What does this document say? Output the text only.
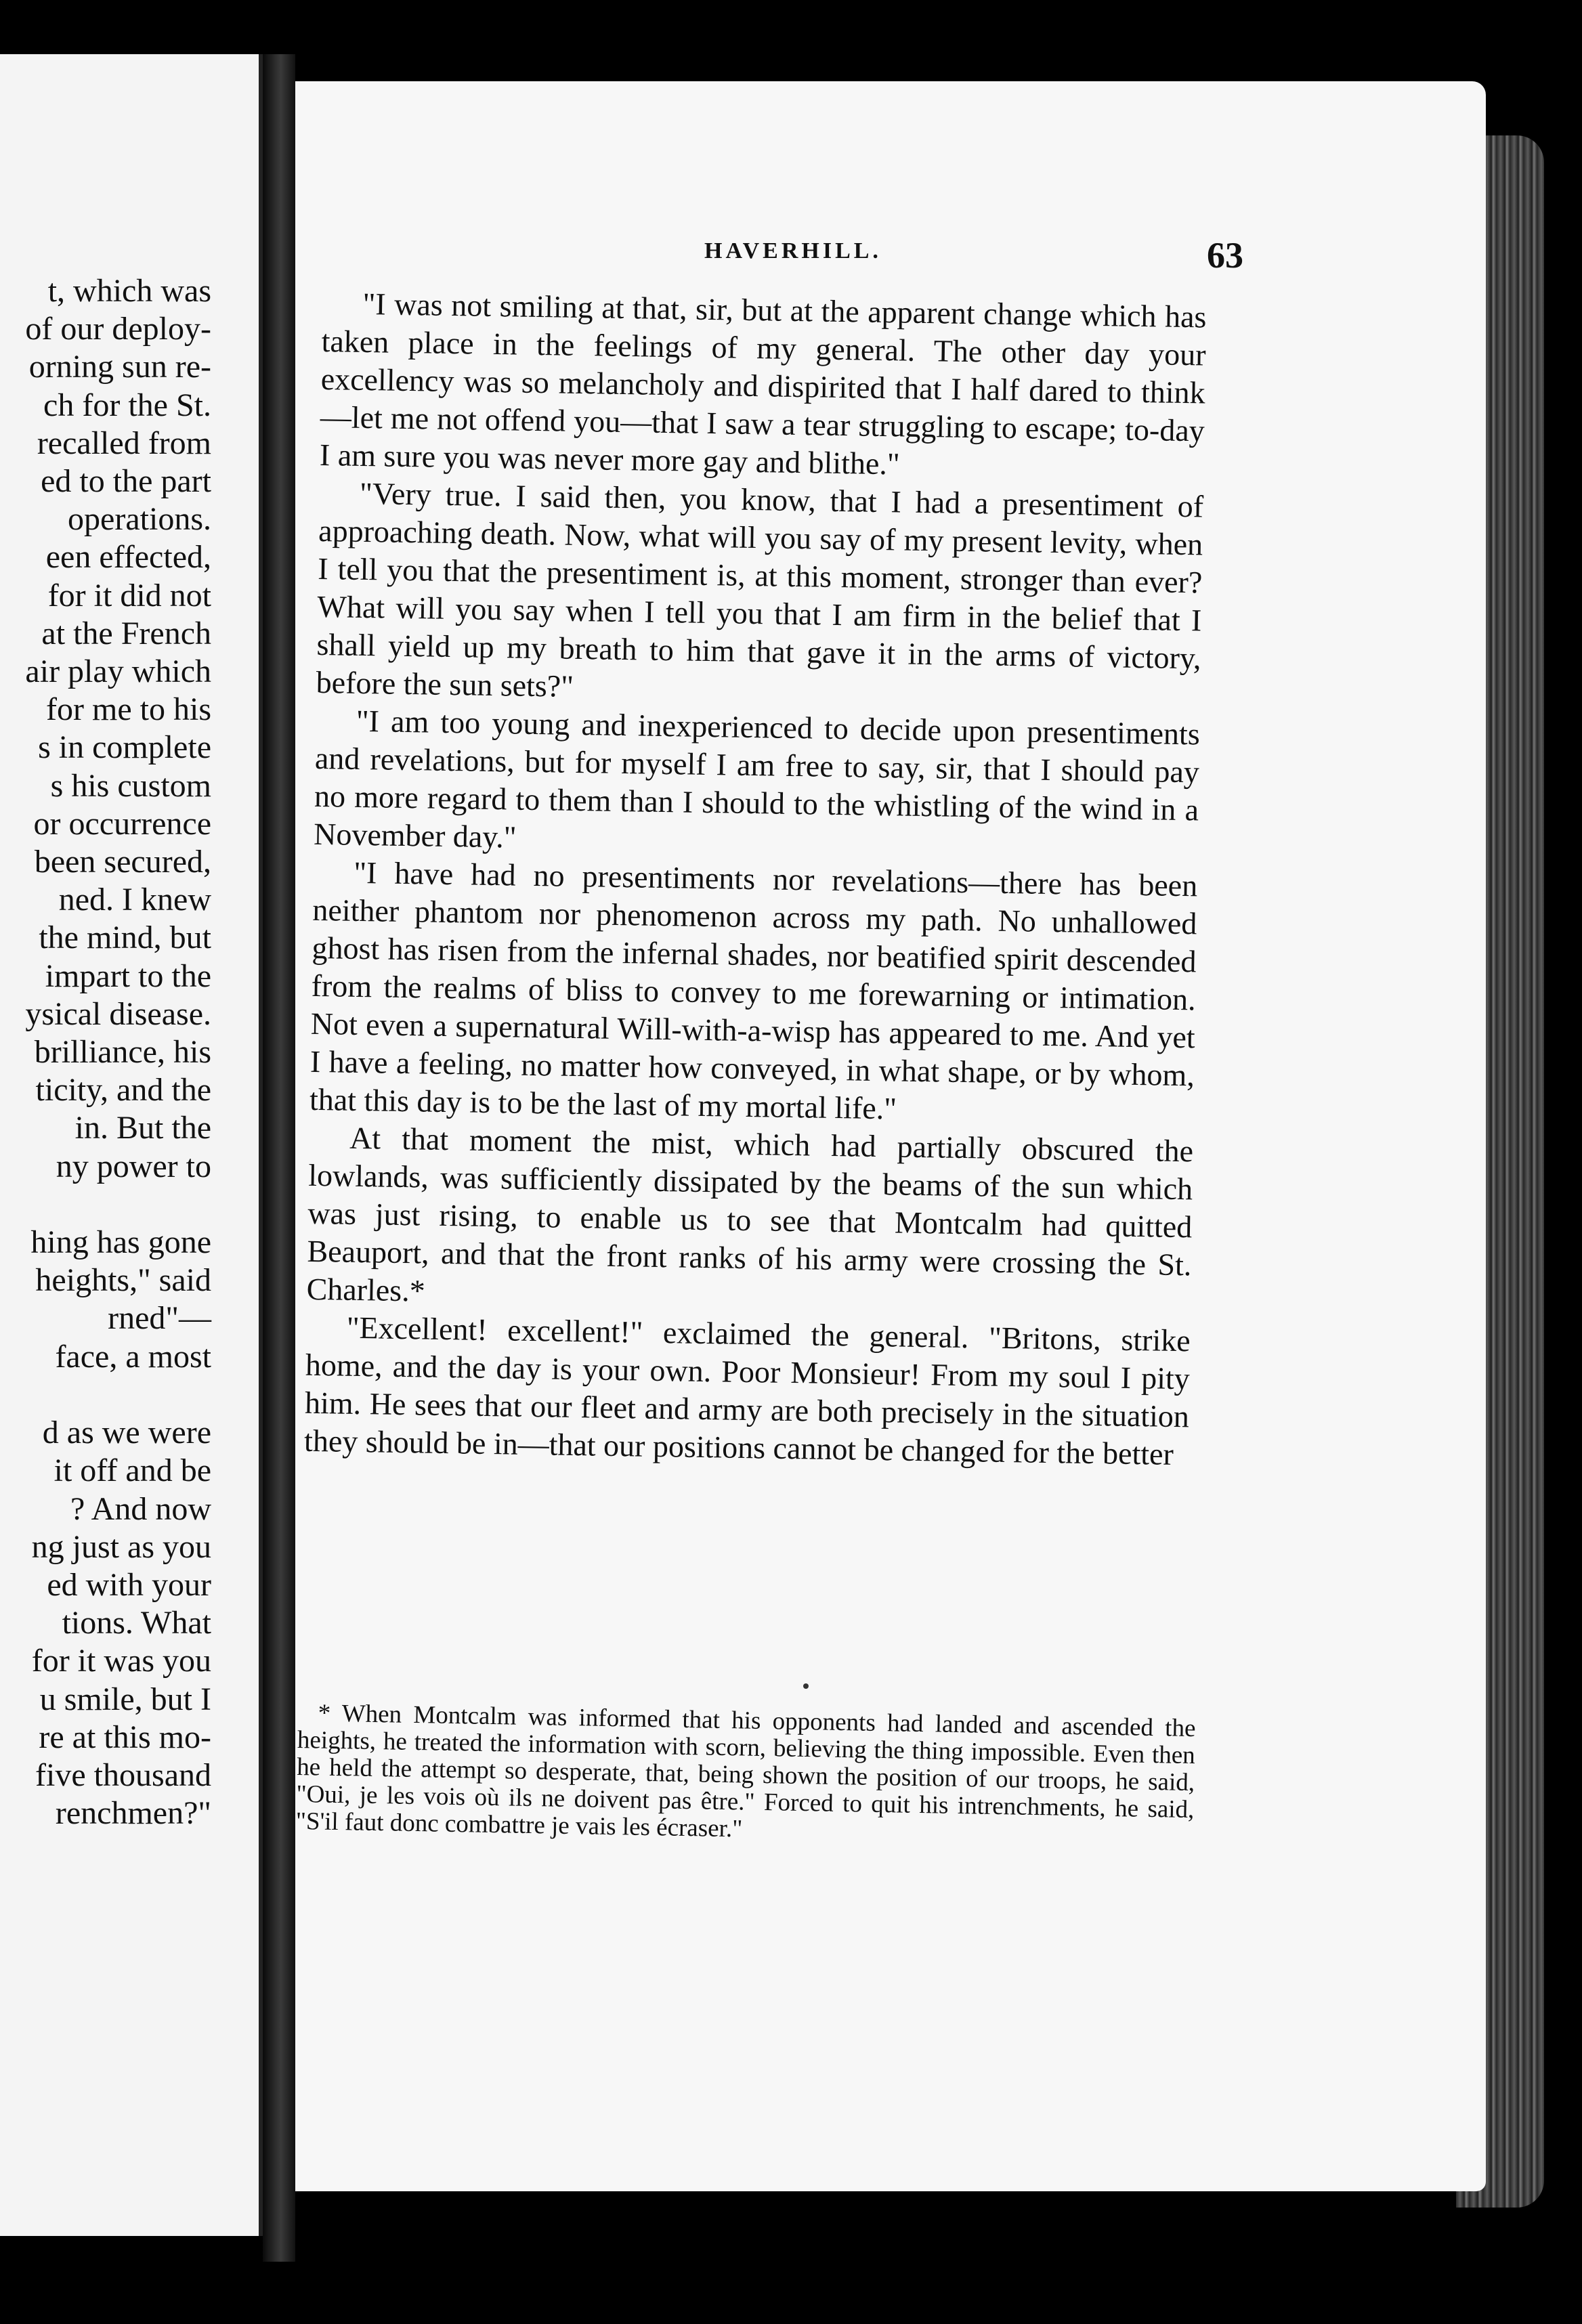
t, which was
of our deploy-
orning sun re-
ch for the St.
recalled from
ed to the part
operations.
een effected,
for it did not
at the French
air play which
for me to his
s in complete
s his custom
or occurrence
been secured,
ned. I knew
the mind, but
impart to the
ysical disease.
brilliance, his
ticity, and the
in. But the
ny power to

hing has gone
heights," said
rned"—
face, a most

d as we were
it off and be
? And now
ng just as you
ed with your
tions. What
for it was you
u smile, but I
re at this mo-
five thousand
renchmen?"
HAVERHILL.	63

"I was not smiling at that, sir, but at the apparent change which has taken place in the feelings of my general. The other day your excellency was so melancholy and dispirited that I half dared to think—let me not offend you—that I saw a tear struggling to escape; to-day I am sure you was never more gay and blithe."

"Very true. I said then, you know, that I had a presentiment of approaching death. Now, what will you say of my present levity, when I tell you that the presentiment is, at this moment, stronger than ever? What will you say when I tell you that I am firm in the belief that I shall yield up my breath to him that gave it in the arms of victory, before the sun sets?"

"I am too young and inexperienced to decide upon presentiments and revelations, but for myself I am free to say, sir, that I should pay no more regard to them than I should to the whistling of the wind in a November day."

"I have had no presentiments nor revelations—there has been neither phantom nor phenomenon across my path. No unhallowed ghost has risen from the infernal shades, nor beatified spirit descended from the realms of bliss to convey to me forewarning or intimation. Not even a supernatural Will-with-a-wisp has appeared to me. And yet I have a feeling, no matter how conveyed, in what shape, or by whom, that this day is to be the last of my mortal life."

At that moment the mist, which had partially obscured the lowlands, was sufficiently dissipated by the beams of the sun which was just rising, to enable us to see that Montcalm had quitted Beauport, and that the front ranks of his army were crossing the St. Charles.*

"Excellent! excellent!" exclaimed the general. "Britons, strike home, and the day is your own. Poor Monsieur! From my soul I pity him. He sees that our fleet and army are both precisely in the situation they should be in—that our positions cannot be changed for the better

* When Montcalm was informed that his opponents had landed and ascended the heights, he treated the information with scorn, believing the thing impossible. Even then he held the attempt so desperate, that, being shown the position of our troops, he said, "Oui, je les vois où ils ne doivent pas être." Forced to quit his intrenchments, he said, "S'il faut donc combattre je vais les écraser."
